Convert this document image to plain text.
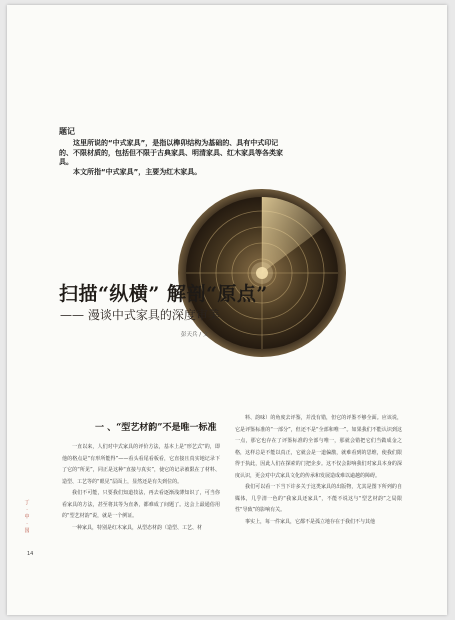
题记
这里所说的“中式家具”，是指以榫卯结构为基础的、具有中式印记的、不限材质的，包括但不限于古典家具、明清家具、红木家具等各类家具。
本文所指“中式家具”，主要为红木家具。
扫描“纵横” 解剖“原点”
—— 漫谈中式家具的深度审美
彭天兵 / 文
一 、“型艺材韵”不是唯一标准

一直以来，人们对中式家具的评价方法，基本上是“形艺式”的，即他的格点是“有形所能得”——看头看尾看板看，它直接且真实地记录下了它的“所见”，同正是这种“直接与真实”，使它的记录被限在了材料、造型、工艺等的“眼见”层面上，显然还是有失到位的。

我们不可能，只要我们知道技法，再去看逐渐浅薄知识了，可当你看家具的方法，甚至将其等为直条，都难成了间题了。这会上最通俗用的“型艺材韵”说，就是一个例证。

一种家具，特别是红木家具，从型态材韵（造型、工艺、材

料、韵味）的角度去评鉴，并没有错，但它的评鉴不够全面。应该说，它是评鉴标准的“一部分”，但还不是“全部和唯一”。如果我们不能认识到这一点，那它也存在了评鉴标准的全部与唯一，那就会错把它们当做成金之格，这样总是不能以真正，它就会是一道偏激，就难看到的思维，使我们限得于执此，因此人们在探索的门把企步。这不仅会影响我们对家具本身的深度认识，更会对中式家具文化的传承和发展造成难以逾越的障碍。

我们可以看一下当下许多关于这类家具的出版物，尤其是图下所列的自媒体，几乎清一色的“我家具还家具”，不能不说这与“型艺材韵”之局限性“导致”的影响有关。

事实上，每一件家具，它都不是孤立地存在于我们不与其他

丁·中·国
14
